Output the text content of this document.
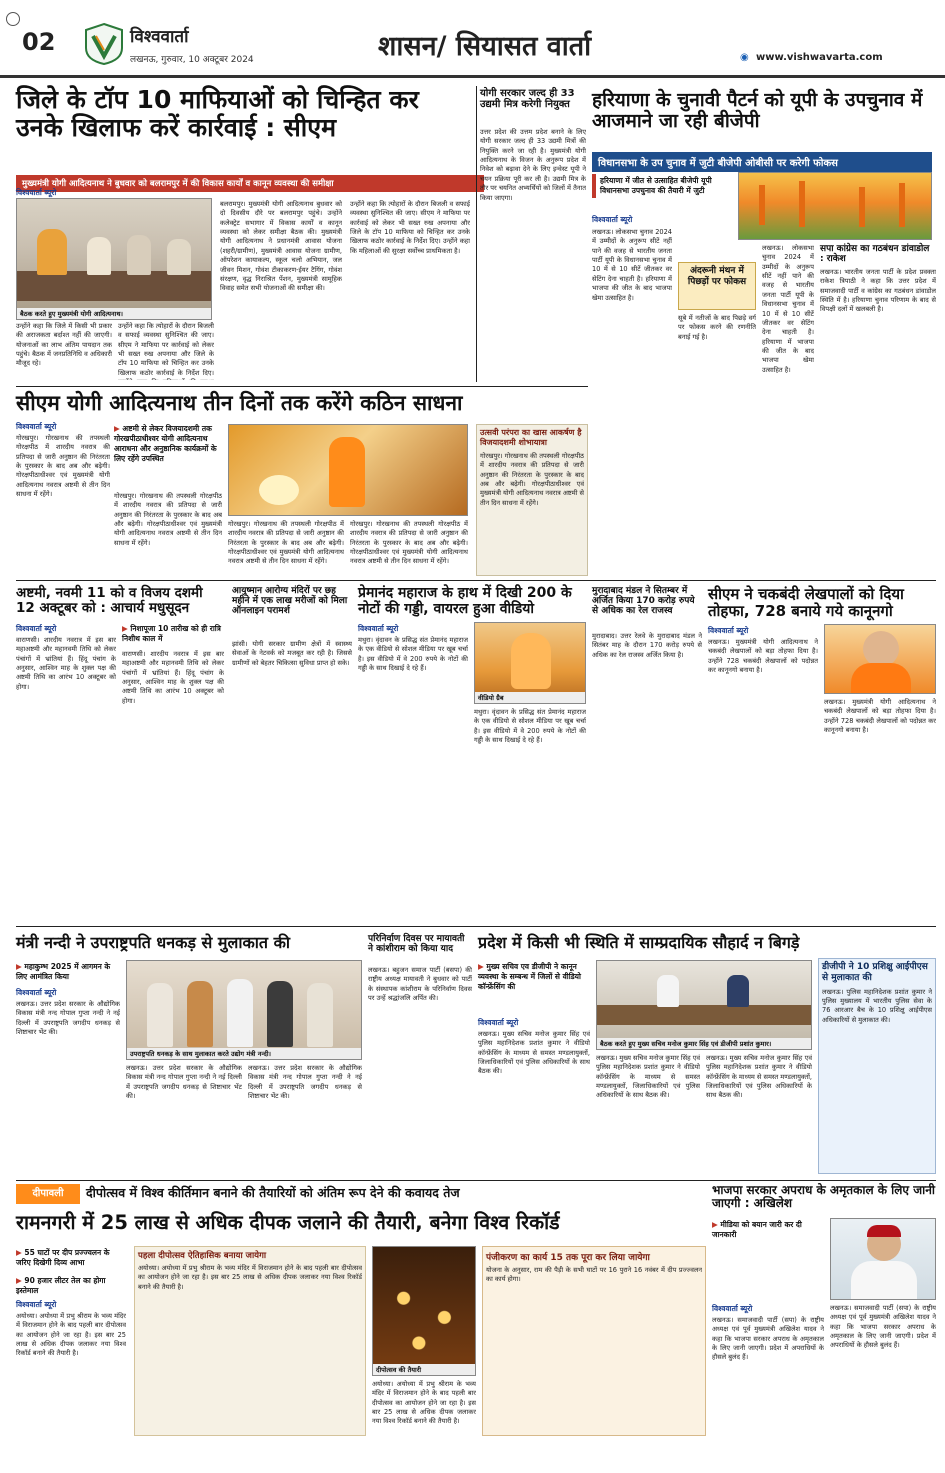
02	विश्ववार्ता
लखनऊ, गुरुवार, 10 अक्टूबर 2024	शासन/ सियासत वार्ता	◉ www.vishwavarta.com
जिले के टॉप 10 माफियाओं को चिन्हित कर उनके खिलाफ करें कार्रवाई : सीएम
मुख्यमंत्री योगी आदित्यनाथ ने बुधवार को बलरामपुर में की विकास कार्यों व कानून व्यवस्था की समीक्षा
बैठक करते हुए मुख्यमंत्री योगी आदित्यनाथ।
विश्ववार्ता ब्यूरो
उन्होंने कहा कि जिले में किसी भी प्रकार की अराजकता बर्दाश्त नहीं की जाएगी। योजनाओं का लाभ अंतिम पायदान तक पहुंचे। बैठक में जनप्रतिनिधि व अधिकारी मौजूद रहे।
उन्होंने कहा कि त्योहारों के दौरान बिजली व सफाई व्यवस्था सुनिश्चित की जाए। सीएम ने माफिया पर कार्रवाई को लेकर भी सख्त रुख अपनाया और जिले के टॉप 10 माफिया को चिन्हित कर उनके खिलाफ कठोर कार्रवाई के निर्देश दिए।
बलरामपुर। मुख्यमंत्री योगी आदित्यनाथ बुधवार को दो दिवसीय दौरे पर बलरामपुर पहुंचे। उन्होंने कलेक्ट्रेट सभागार में विकास कार्यों व कानून व्यवस्था को लेकर समीक्षा बैठक की। मुख्यमंत्री योगी आदित्यनाथ ने प्रधानमंत्री आवास योजना (शहरी/ग्रामीण), मुख्यमंत्री आवास योजना ग्रामीण, ऑपरेशन कायाकल्प, स्कूल चलो अभियान, जल जीवन मिशन, गोवंश टीकाकरण-ईयर टैगिंग, गोवंश संरक्षण, वृद्ध निराश्रित पेंशन, मुख्यमंत्री सामूहिक विवाह समेत सभी योजनाओं की समीक्षा की।
उन्होंने कहा कि त्योहारों के दौरान बिजली व सफाई व्यवस्था सुनिश्चित की जाए। सीएम ने माफिया पर कार्रवाई को लेकर भी सख्त रुख अपनाया और जिले के टॉप 10 माफिया को चिन्हित कर उनके खिलाफ कठोर कार्रवाई के निर्देश दिए। उन्होंने कहा कि महिलाओं की सुरक्षा सर्वोच्च प्राथमिकता है।
योगी सरकार जल्द ही 33 उद्यमी मित्र करेगी नियुक्त
उत्तर प्रदेश की उत्तम प्रदेश बनाने के लिए योगी सरकार जल्द ही 33 उद्यमी मित्रों की नियुक्ति करने जा रही है। मुख्यमंत्री योगी आदित्यनाथ के विजन के अनुरूप प्रदेश में निवेश को बढ़ावा देने के लिए इन्वेस्ट यूपी ने चयन प्रक्रिया पूरी कर ली है। उद्यमी मित्र के तौर पर चयनित अभ्यर्थियों को जिलों में तैनात किया जाएगा।
हरियाणा के चुनावी पैटर्न को यूपी के उपचुनाव में आजमाने जा रही बीजेपी
विधानसभा के उप चुनाव में जुटी बीजेपी ओबीसी पर करेगी फोकस
हरियाणा में जीत से उत्साहित बीजेपी यूपी विधानसभा उपचुनाव की तैयारी में जुटी
विश्ववार्ता ब्यूरो
लखनऊ। लोकसभा चुनाव 2024 में उम्मीदों के अनुरूप सीटें नहीं पाने की वजह से भारतीय जनता पार्टी यूपी के विधानसभा चुनाव में 10 में से 10 सीटें जीतकर वर सेटिंग देना चाहती है। हरियाणा में भाजपा की जीत के बाद भाजपा खेमा उत्साहित है।
अंदरूनी मंथन में पिछड़ों पर फोकस
सूबे में नतीजों के बाद पिछड़े वर्ग पर फोकस करने की रणनीति बनाई गई है।
लखनऊ। लोकसभा चुनाव 2024 में उम्मीदों के अनुरूप सीटें नहीं पाने की वजह से भारतीय जनता पार्टी यूपी के विधानसभा चुनाव में 10 में से 10 सीटें जीतकर वर सेटिंग देना चाहती है। हरियाणा में भाजपा की जीत के बाद भाजपा खेमा उत्साहित है।
सपा कांग्रेस का गठबंधन डांवाडोल : राकेश
लखनऊ। भारतीय जनता पार्टी के प्रदेश प्रवक्ता राकेश त्रिपाठी ने कहा कि उत्तर प्रदेश में समाजवादी पार्टी व कांग्रेस का गठबंधन डांवाडोल स्थिति में है। हरियाणा चुनाव परिणाम के बाद से विपक्षी दलों में खलबली है।
सीएम योगी आदित्यनाथ तीन दिनों तक करेंगे कठिन साधना
विश्ववार्ता ब्यूरो
गोरखपुर। गोरखनाथ की तपस्थली गोरक्षपीठ में शारदीय नवरात्र की प्रतिपदा से जारी अनुष्ठान की निरंतरता के पुरस्कार के बाद अब और बढ़ेगी। गोरक्षपीठाधीश्वर एवं मुख्यमंत्री योगी आदित्यनाथ नवरात्र अष्टमी से तीन दिन साधना में रहेंगे।
▶ अष्टमी से लेकर विजयादशमी तक गोरखपीठाधीश्वर योगी आदित्यनाथ आराधना और अनुष्ठानिक कार्यक्रमों के लिए रहेंगे उपस्थित
गोरखपुर। गोरखनाथ की तपस्थली गोरक्षपीठ में शारदीय नवरात्र की प्रतिपदा से जारी अनुष्ठान की निरंतरता के पुरस्कार के बाद अब और बढ़ेगी। गोरक्षपीठाधीश्वर एवं मुख्यमंत्री योगी आदित्यनाथ नवरात्र अष्टमी से तीन दिन साधना में रहेंगे।
गोरखपुर। गोरखनाथ की तपस्थली गोरक्षपीठ में शारदीय नवरात्र की प्रतिपदा से जारी अनुष्ठान की निरंतरता के पुरस्कार के बाद अब और बढ़ेगी। गोरक्षपीठाधीश्वर एवं मुख्यमंत्री योगी आदित्यनाथ नवरात्र अष्टमी से तीन दिन साधना में रहेंगे।
गोरखपुर। गोरखनाथ की तपस्थली गोरक्षपीठ में शारदीय नवरात्र की प्रतिपदा से जारी अनुष्ठान की निरंतरता के पुरस्कार के बाद अब और बढ़ेगी। गोरक्षपीठाधीश्वर एवं मुख्यमंत्री योगी आदित्यनाथ नवरात्र अष्टमी से तीन दिन साधना में रहेंगे।
उत्सवी परंपरा का खास आकर्षण है विजयादशमी शोभायात्रा
गोरखपुर। गोरखनाथ की तपस्थली गोरक्षपीठ में शारदीय नवरात्र की प्रतिपदा से जारी अनुष्ठान की निरंतरता के पुरस्कार के बाद अब और बढ़ेगी। गोरक्षपीठाधीश्वर एवं मुख्यमंत्री योगी आदित्यनाथ नवरात्र अष्टमी से तीन दिन साधना में रहेंगे।
अष्टमी, नवमी 11 को व विजय दशमी 12 अक्टूबर को : आचार्य मधुसूदन
विश्ववार्ता ब्यूरो
वाराणसी। शारदीय नवरात्र में इस बार महाअष्टमी और महानवमी तिथि को लेकर पंचांगों में भ्रांतियां हैं। हिंदू पंचांग के अनुसार, आश्विन माह के शुक्ल पक्ष की अष्टमी तिथि का आरंभ 10 अक्टूबर को होगा।
▶ निशापूजा 10 तारीख को ही रात्रि निशीथ काल में
वाराणसी। शारदीय नवरात्र में इस बार महाअष्टमी और महानवमी तिथि को लेकर पंचांगों में भ्रांतियां हैं। हिंदू पंचांग के अनुसार, आश्विन माह के शुक्ल पक्ष की अष्टमी तिथि का आरंभ 10 अक्टूबर को होगा।
आयुष्मान आरोग्य मंदिरों पर छह महीने में एक लाख मरीजों को मिला ऑनलाइन परामर्श
झांसी। योगी सरकार ग्रामीण क्षेत्रों में स्वास्थ्य सेवाओं के नेटवर्क को मजबूत कर रही है। जिससे ग्रामीणों को बेहतर चिकित्सा सुविधा प्राप्त हो सके।
प्रेमानंद महाराज के हाथ में दिखी 200 के नोटों की गड्डी, वायरल हुआ वीडियो
विश्ववार्ता ब्यूरो
मथुरा। वृंदावन के प्रसिद्ध संत प्रेमानंद महाराज के एक वीडियो से सोशल मीडिया पर खूब चर्चा है। इस वीडियो में वे 200 रुपये के नोटों की गड्डी के साथ दिखाई दे रहे हैं।
वीडियो ग्रैब
मथुरा। वृंदावन के प्रसिद्ध संत प्रेमानंद महाराज के एक वीडियो से सोशल मीडिया पर खूब चर्चा है। इस वीडियो में वे 200 रुपये के नोटों की गड्डी के साथ दिखाई दे रहे हैं।
मुरादाबाद मंडल ने सितम्बर में अर्जित किया 170 करोड़ रुपये से अधिक का रेल राजस्व
मुरादाबाद। उत्तर रेलवे के मुरादाबाद मंडल ने सितंबर माह के दौरान 170 करोड़ रुपये से अधिक का रेल राजस्व अर्जित किया है।
सीएम ने चकबंदी लेखपालों को दिया तोहफा, 728 बनाये गये कानूनगो
विश्ववार्ता ब्यूरो
लखनऊ। मुख्यमंत्री योगी आदित्यनाथ ने चकबंदी लेखपालों को बड़ा तोहफा दिया है। उन्होंने 728 चकबंदी लेखपालों को पदोन्नत कर कानूनगो बनाया है।
लखनऊ। मुख्यमंत्री योगी आदित्यनाथ ने चकबंदी लेखपालों को बड़ा तोहफा दिया है। उन्होंने 728 चकबंदी लेखपालों को पदोन्नत कर कानूनगो बनाया है।
मंत्री नन्दी ने उपराष्ट्रपति धनकड़ से मुलाकात की
▶ महाकुम्भ 2025 में आगमन के लिए आमंत्रित किया
विश्ववार्ता ब्यूरो
लखनऊ। उत्तर प्रदेश सरकार के औद्योगिक विकास मंत्री नन्द गोपाल गुप्ता नन्दी ने नई दिल्ली में उपराष्ट्रपति जगदीप धनकड़ से शिष्टाचार भेंट की।
उपराष्ट्रपति धनकड़ के साथ मुलाकात करते उद्योग मंत्री नन्दी।
लखनऊ। उत्तर प्रदेश सरकार के औद्योगिक विकास मंत्री नन्द गोपाल गुप्ता नन्दी ने नई दिल्ली में उपराष्ट्रपति जगदीप धनकड़ से शिष्टाचार भेंट की।
लखनऊ। उत्तर प्रदेश सरकार के औद्योगिक विकास मंत्री नन्द गोपाल गुप्ता नन्दी ने नई दिल्ली में उपराष्ट्रपति जगदीप धनकड़ से शिष्टाचार भेंट की।
परिनिर्वाण दिवस पर मायावती ने कांशीराम को किया याद
लखनऊ। बहुजन समाज पार्टी (बसपा) की राष्ट्रीय अध्यक्ष मायावती ने बुधवार को पार्टी के संस्थापक कांशीराम के परिनिर्वाण दिवस पर उन्हें श्रद्धांजलि अर्पित की।
प्रदेश में किसी भी स्थिति में साम्प्रदायिक सौहार्द न बिगड़े
▶ मुख्य सचिव एव डीजीपी ने कानून व्यवस्था के सम्बन्ध में जिलों से वीडियो कॉन्फ्रेंसिंग की
विश्ववार्ता ब्यूरो
लखनऊ। मुख्य सचिव मनोज कुमार सिंह एवं पुलिस महानिदेशक प्रशांत कुमार ने वीडियो कॉन्फ्रेंसिंग के माध्यम से समस्त मण्डलायुक्तों, जिलाधिकारियों एवं पुलिस अधिकारियों के साथ बैठक की।
बैठक करते हुए मुख्य सचिव मनोज कुमार सिंह एवं डीजीपी प्रशांत कुमार।
लखनऊ। मुख्य सचिव मनोज कुमार सिंह एवं पुलिस महानिदेशक प्रशांत कुमार ने वीडियो कॉन्फ्रेंसिंग के माध्यम से समस्त मण्डलायुक्तों, जिलाधिकारियों एवं पुलिस अधिकारियों के साथ बैठक की।
लखनऊ। मुख्य सचिव मनोज कुमार सिंह एवं पुलिस महानिदेशक प्रशांत कुमार ने वीडियो कॉन्फ्रेंसिंग के माध्यम से समस्त मण्डलायुक्तों, जिलाधिकारियों एवं पुलिस अधिकारियों के साथ बैठक की।
डीजीपी ने 10 प्रशिक्षु आईपीएस से मुलाकात की
लखनऊ। पुलिस महानिदेशक प्रशांत कुमार ने पुलिस मुख्यालय में भारतीय पुलिस सेवा के 76 आरआर बैच के 10 प्रशिक्षु आईपीएस अधिकारियों से मुलाकात की।
दीपावली	दीपोत्सव में विश्व कीर्तिमान बनाने की तैयारियों को अंतिम रूप देने की कवायद तेज
रामनगरी में 25 लाख से अधिक दीपक जलाने की तैयारी, बनेगा विश्व रिकॉर्ड
▶ 55 घाटों पर दीप प्रज्ज्वलन के जरिए दिखेगी दिव्य आभा
▶ 90 हजार लीटर तेल का होगा इस्तेमाल
विश्ववार्ता ब्यूरो
अयोध्या। अयोध्या में प्रभु श्रीराम के भव्य मंदिर में विराजमान होने के बाद पहली बार दीपोत्सव का आयोजन होने जा रहा है। इस बार 25 लाख से अधिक दीपक जलाकर नया विश्व रिकॉर्ड बनाने की तैयारी है।
पहला दीपोत्सव ऐतिहासिक बनाया जायेगा
अयोध्या। अयोध्या में प्रभु श्रीराम के भव्य मंदिर में विराजमान होने के बाद पहली बार दीपोत्सव का आयोजन होने जा रहा है। इस बार 25 लाख से अधिक दीपक जलाकर नया विश्व रिकॉर्ड बनाने की तैयारी है।
दीपोत्सव की तैयारी
अयोध्या। अयोध्या में प्रभु श्रीराम के भव्य मंदिर में विराजमान होने के बाद पहली बार दीपोत्सव का आयोजन होने जा रहा है। इस बार 25 लाख से अधिक दीपक जलाकर नया विश्व रिकॉर्ड बनाने की तैयारी है।
पंजीकरण का कार्य 15 तक पूरा कर लिया जायेगा
योजना के अनुसार, राम की पैड़ी के सभी घाटों पर 16 पुराने 16 नवंबर में दीप प्रज्ज्वलन का कार्य होगा।
भाजपा सरकार अपराध के अमृतकाल के लिए जानी जाएगी : अखिलेश
▶ मीडिया को बयान जारी कर दी जानकारी
विश्ववार्ता ब्यूरो
लखनऊ। समाजवादी पार्टी (सपा) के राष्ट्रीय अध्यक्ष एवं पूर्व मुख्यमंत्री अखिलेश यादव ने कहा कि भाजपा सरकार अपराध के अमृतकाल के लिए जानी जाएगी। प्रदेश में अपराधियों के हौसले बुलंद हैं।
लखनऊ। समाजवादी पार्टी (सपा) के राष्ट्रीय अध्यक्ष एवं पूर्व मुख्यमंत्री अखिलेश यादव ने कहा कि भाजपा सरकार अपराध के अमृतकाल के लिए जानी जाएगी। प्रदेश में अपराधियों के हौसले बुलंद हैं।
